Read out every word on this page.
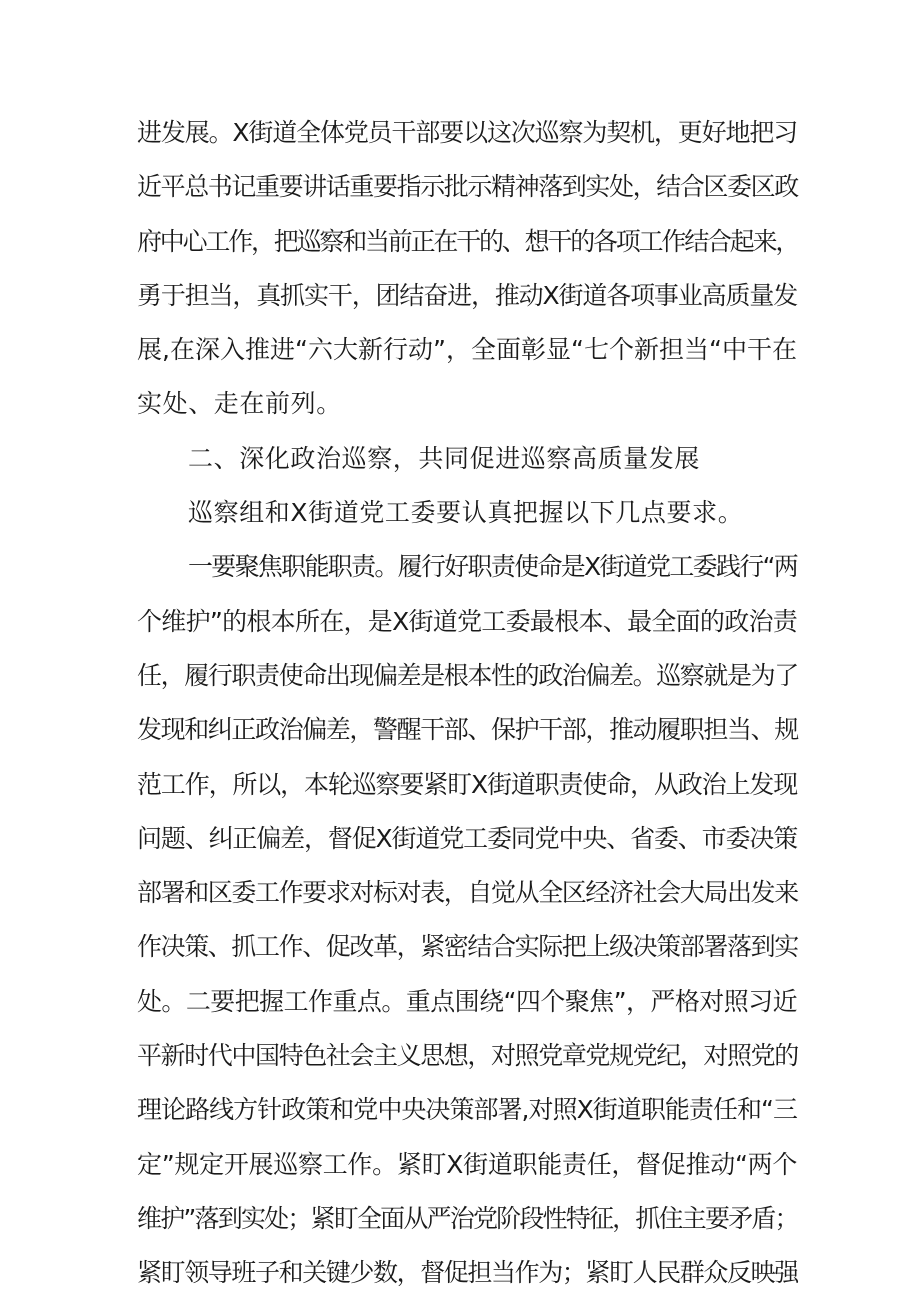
进发展。X街道全体党员干部要以这次巡察为契机，更好地把习
近平总书记重要讲话重要指示批示精神落到实处，结合区委区政
府中心工作，把巡察和当前正在干的、想干的各项工作结合起来，
勇于担当，真抓实干，团结奋进，推动X街道各项事业高质量发
展,在深入推进“六大新行动”，全面彰显“七个新担当“中干在
实处、走在前列。
二、深化政治巡察，共同促进巡察高质量发展
巡察组和X街道党工委要认真把握以下几点要求。
一要聚焦职能职责。履行好职责使命是X街道党工委践行“两
个维护”的根本所在，是X街道党工委最根本、最全面的政治责
任，履行职责使命出现偏差是根本性的政治偏差。巡察就是为了
发现和纠正政治偏差，警醒干部、保护干部，推动履职担当、规
范工作，所以，本轮巡察要紧盯X街道职责使命，从政治上发现
问题、纠正偏差，督促X街道党工委同党中央、省委、市委决策
部署和区委工作要求对标对表，自觉从全区经济社会大局出发来
作决策、抓工作、促改革，紧密结合实际把上级决策部署落到实
处。二要把握工作重点。重点围绕“四个聚焦”，严格对照习近
平新时代中国特色社会主义思想，对照党章党规党纪，对照党的
理论路线方针政策和党中央决策部署,对照X街道职能责任和“三
定”规定开展巡察工作。紧盯X街道职能责任，督促推动“两个
维护”落到实处；紧盯全面从严治党阶段性特征，抓住主要矛盾；
紧盯领导班子和关键少数，督促担当作为；紧盯人民群众反映强
